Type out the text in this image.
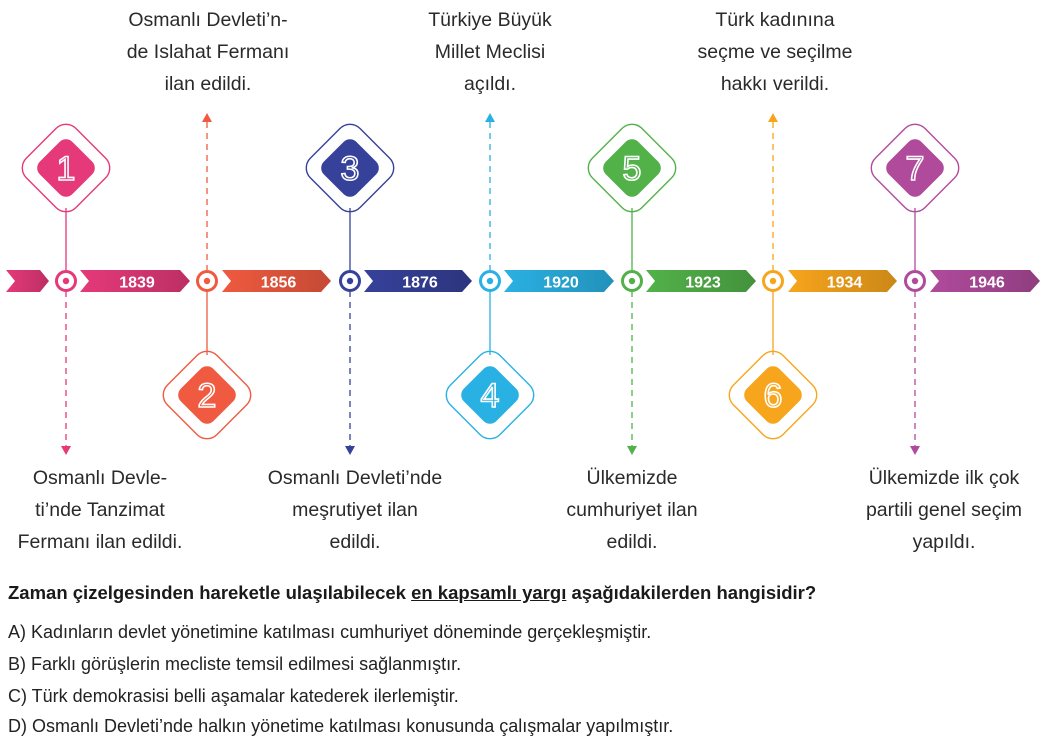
1839	1856	1876	1920	1923	1934	1946
1
2
3
4
5
6
7
Osmanlı Devleti’n-
de Islahat Fermanı
ilan edildi.
Türkiye Büyük
Millet Meclisi
açıldı.
Türk kadınına
seçme ve seçilme
hakkı verildi.
Osmanlı Devle-
ti’nde Tanzimat
Fermanı ilan edildi.
Osmanlı Devleti’nde
meşrutiyet ilan
edildi.
Ülkemizde
cumhuriyet ilan
edildi.
Ülkemizde ilk çok
partili genel seçim
yapıldı.
Zaman çizelgesinden hareketle ulaşılabilecek en kapsamlı yargı aşağıdakilerden hangisidir?
A) Kadınların devlet yönetimine katılması cumhuriyet döneminde gerçekleşmiştir.
B) Farklı görüşlerin mecliste temsil edilmesi sağlanmıştır.
C) Türk demokrasisi belli aşamalar katederek ilerlemiştir.
D) Osmanlı Devleti’nde halkın yönetime katılması konusunda çalışmalar yapılmıştır.
